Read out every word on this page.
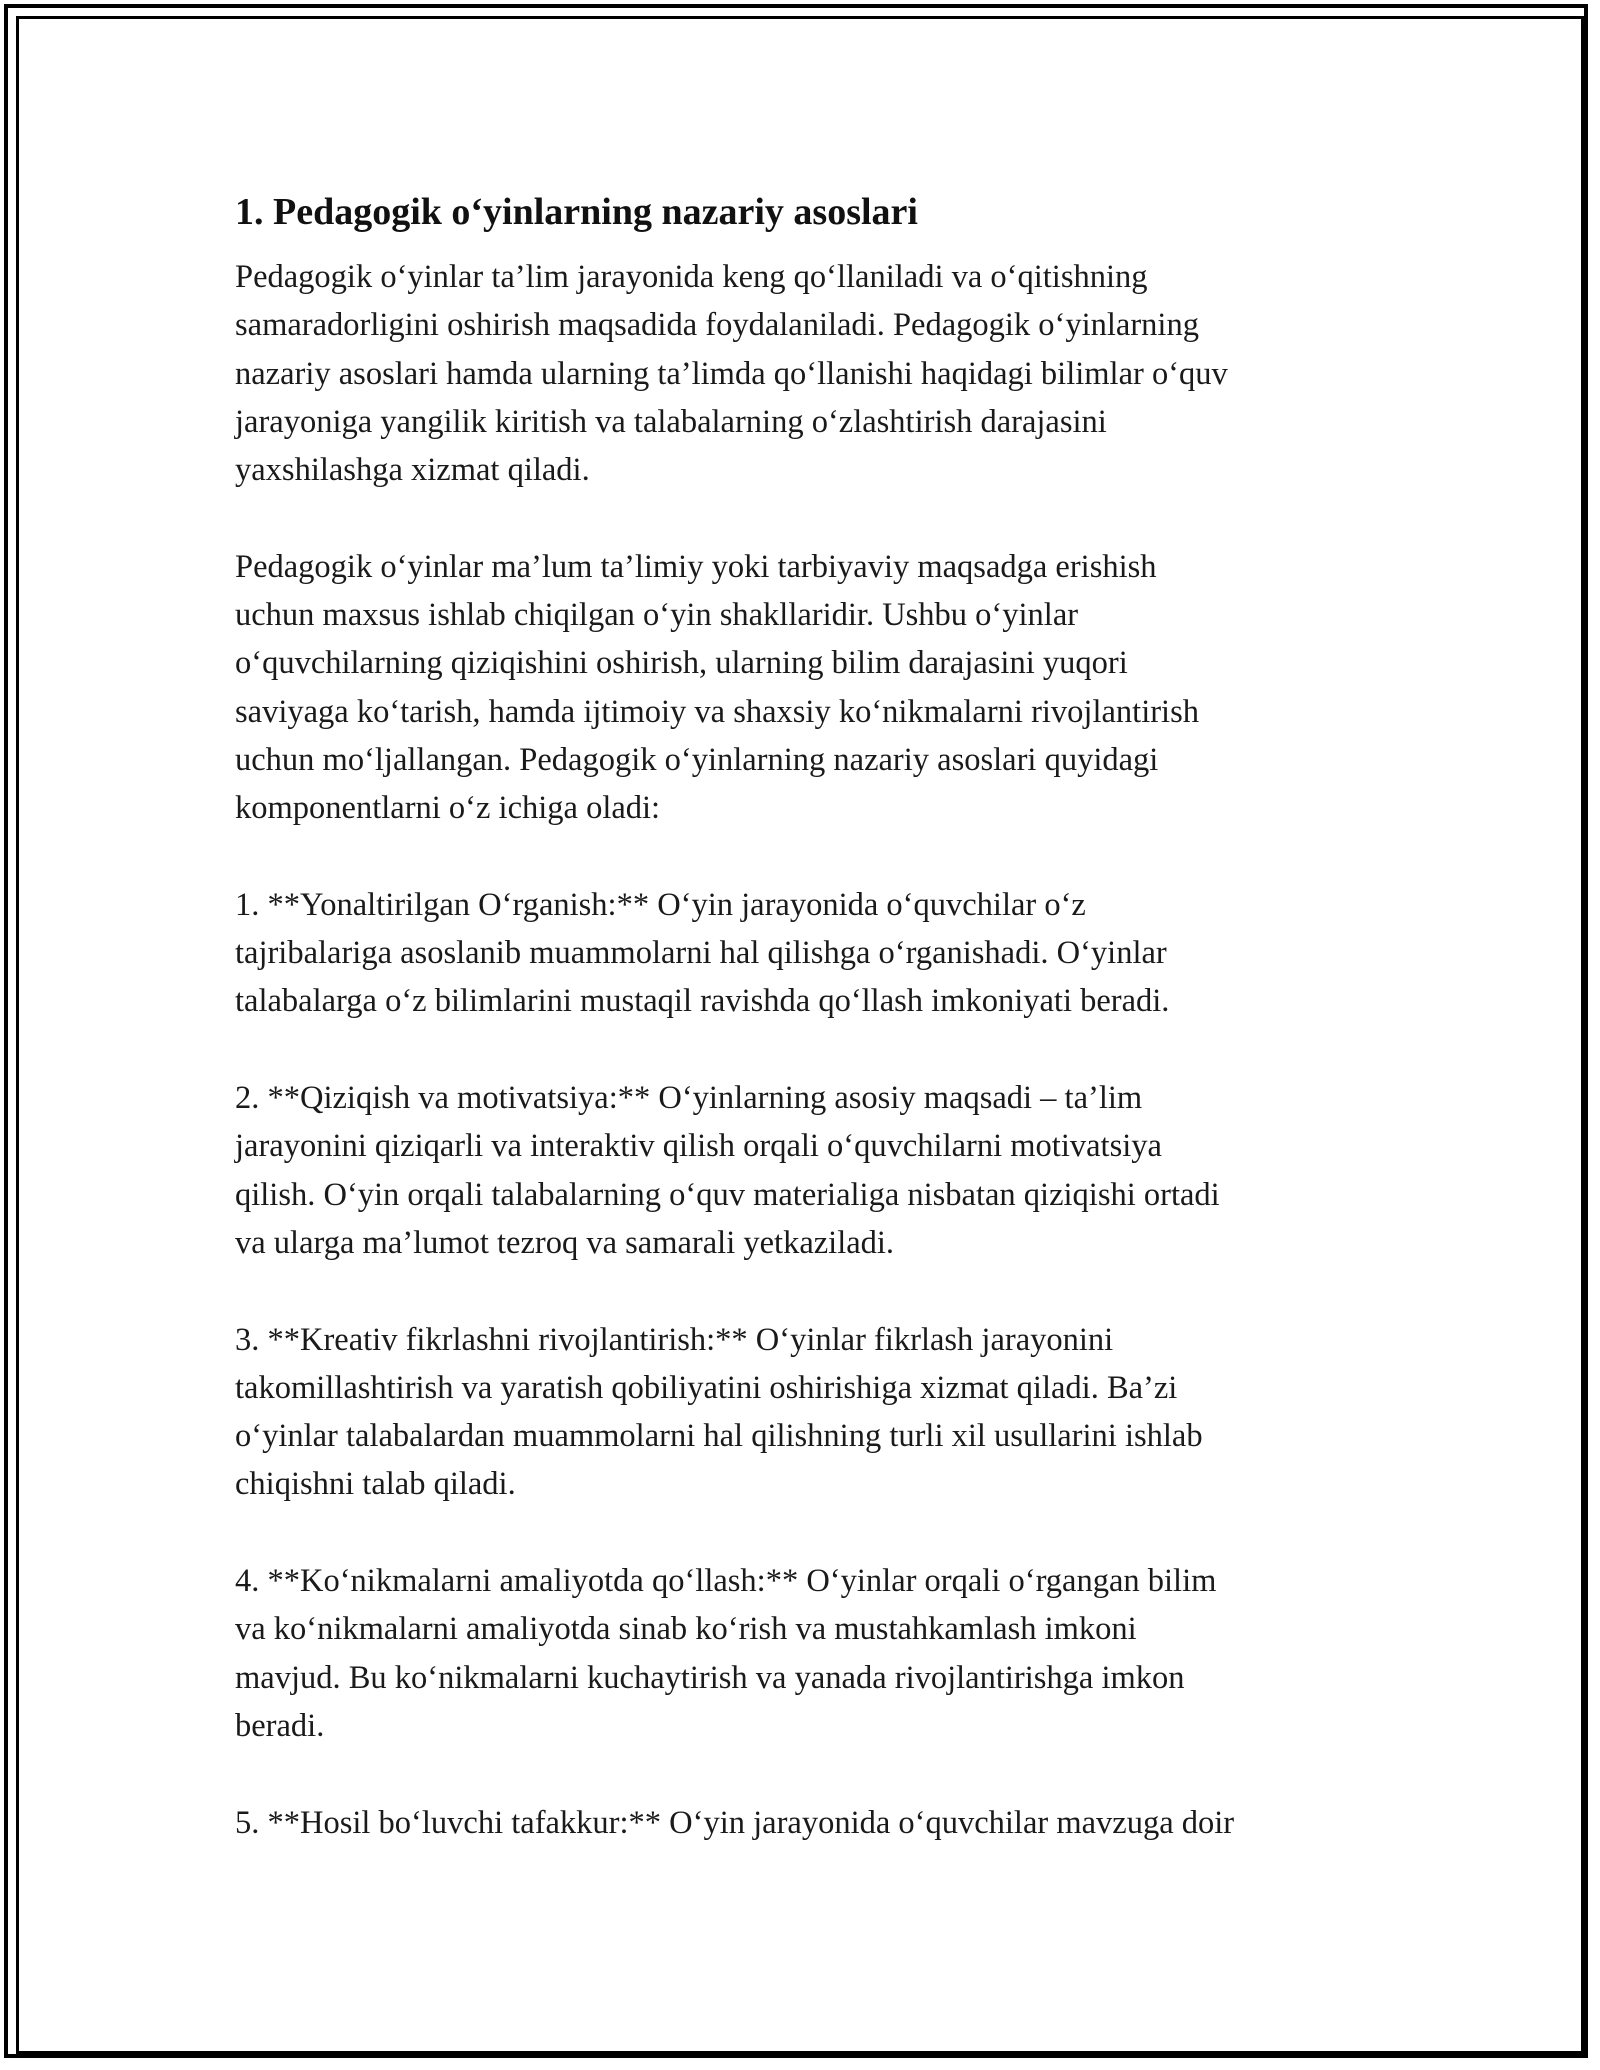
1. Pedagogik o‘yinlarning nazariy asoslari

Pedagogik o‘yinlar ta’lim jarayonida keng qo‘llaniladi va o‘qitishning
samaradorligini oshirish maqsadida foydalaniladi. Pedagogik o‘yinlarning
nazariy asoslari hamda ularning ta’limda qo‘llanishi haqidagi bilimlar o‘quv
jarayoniga yangilik kiritish va talabalarning o‘zlashtirish darajasini
yaxshilashga xizmat qiladi.

Pedagogik o‘yinlar ma’lum ta’limiy yoki tarbiyaviy maqsadga erishish
uchun maxsus ishlab chiqilgan o‘yin shakllaridir. Ushbu o‘yinlar
o‘quvchilarning qiziqishini oshirish, ularning bilim darajasini yuqori
saviyaga ko‘tarish, hamda ijtimoiy va shaxsiy ko‘nikmalarni rivojlantirish
uchun mo‘ljallangan. Pedagogik o‘yinlarning nazariy asoslari quyidagi
komponentlarni o‘z ichiga oladi:

1. **Yonaltirilgan O‘rganish:** O‘yin jarayonida o‘quvchilar o‘z
tajribalariga asoslanib muammolarni hal qilishga o‘rganishadi. O‘yinlar
talabalarga o‘z bilimlarini mustaqil ravishda qo‘llash imkoniyati beradi.

2. **Qiziqish va motivatsiya:** O‘yinlarning asosiy maqsadi – ta’lim
jarayonini qiziqarli va interaktiv qilish orqali o‘quvchilarni motivatsiya
qilish. O‘yin orqali talabalarning o‘quv materialiga nisbatan qiziqishi ortadi
va ularga ma’lumot tezroq va samarali yetkaziladi.

3. **Kreativ fikrlashni rivojlantirish:** O‘yinlar fikrlash jarayonini
takomillashtirish va yaratish qobiliyatini oshirishiga xizmat qiladi. Ba’zi
o‘yinlar talabalardan muammolarni hal qilishning turli xil usullarini ishlab
chiqishni talab qiladi.

4. **Ko‘nikmalarni amaliyotda qo‘llash:** O‘yinlar orqali o‘rgangan bilim
va ko‘nikmalarni amaliyotda sinab ko‘rish va mustahkamlash imkoni
mavjud. Bu ko‘nikmalarni kuchaytirish va yanada rivojlantirishga imkon
beradi.

5. **Hosil bo‘luvchi tafakkur:** O‘yin jarayonida o‘quvchilar mavzuga doir
